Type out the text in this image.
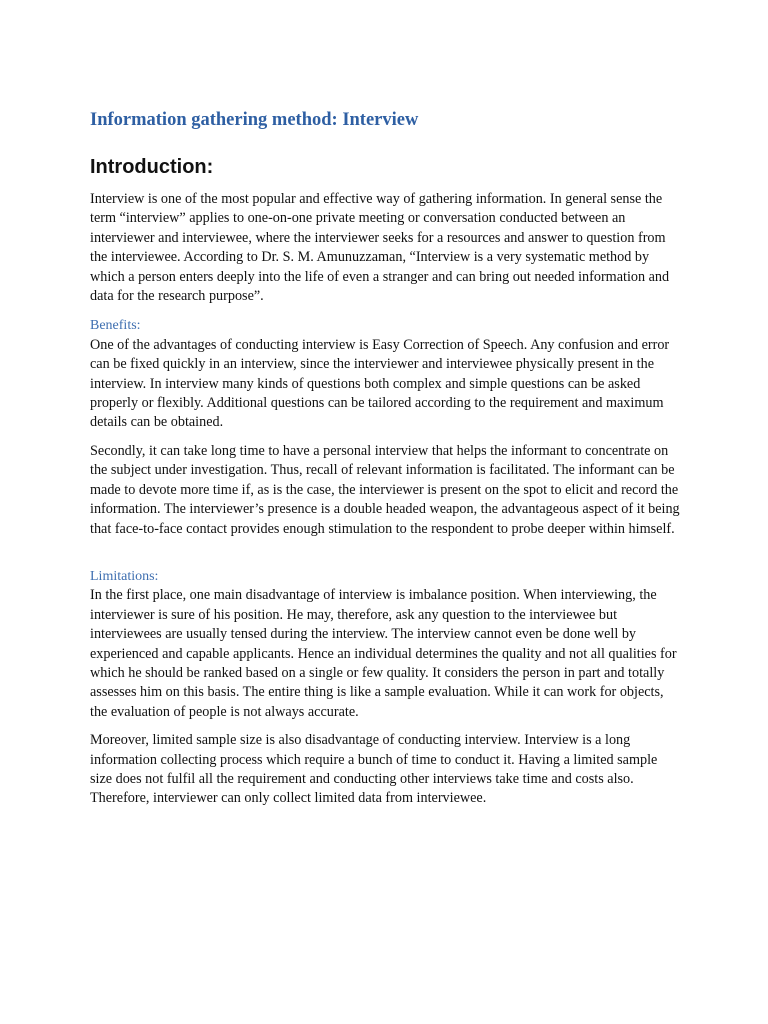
Information gathering method: Interview
Introduction:

Interview is one of the most popular and effective way of gathering information. In general sense the term “interview” applies to one-on-one private meeting or conversation conducted between an interviewer and interviewee, where the interviewer seeks for a resources and answer to question from the interviewee. According to Dr. S. M. Amunuzzaman, “Interview is a very systematic method by which a person enters deeply into the life of even a stranger and can bring out needed information and data for the research purpose”.

Benefits:

One of the advantages of conducting interview is Easy Correction of Speech. Any confusion and error can be fixed quickly in an interview, since the interviewer and interviewee physically present in the interview. In interview many kinds of questions both complex and simple questions can be asked properly or flexibly. Additional questions can be tailored according to the requirement and maximum details can be obtained.

Secondly, it can take long time to have a personal interview that helps the informant to concentrate on the subject under investigation. Thus, recall of relevant information is facilitated. The informant can be made to devote more time if, as is the case, the interviewer is present on the spot to elicit and record the information. The interviewer’s presence is a double headed weapon, the advantageous aspect of it being that face-to-face contact provides enough stimulation to the respondent to probe deeper within himself.

Limitations:

In the first place, one main disadvantage of interview is imbalance position. When interviewing, the interviewer is sure of his position. He may, therefore, ask any question to the interviewee but interviewees are usually tensed during the interview. The interview cannot even be done well by experienced and capable applicants. Hence an individual determines the quality and not all qualities for which he should be ranked based on a single or few quality. It considers the person in part and totally assesses him on this basis. The entire thing is like a sample evaluation. While it can work for objects, the evaluation of people is not always accurate.

Moreover, limited sample size is also disadvantage of conducting interview. Interview is a long information collecting process which require a bunch of time to conduct it. Having a limited sample size does not fulfil all the requirement and conducting other interviews take time and costs also. Therefore, interviewer can only collect limited data from interviewee.
